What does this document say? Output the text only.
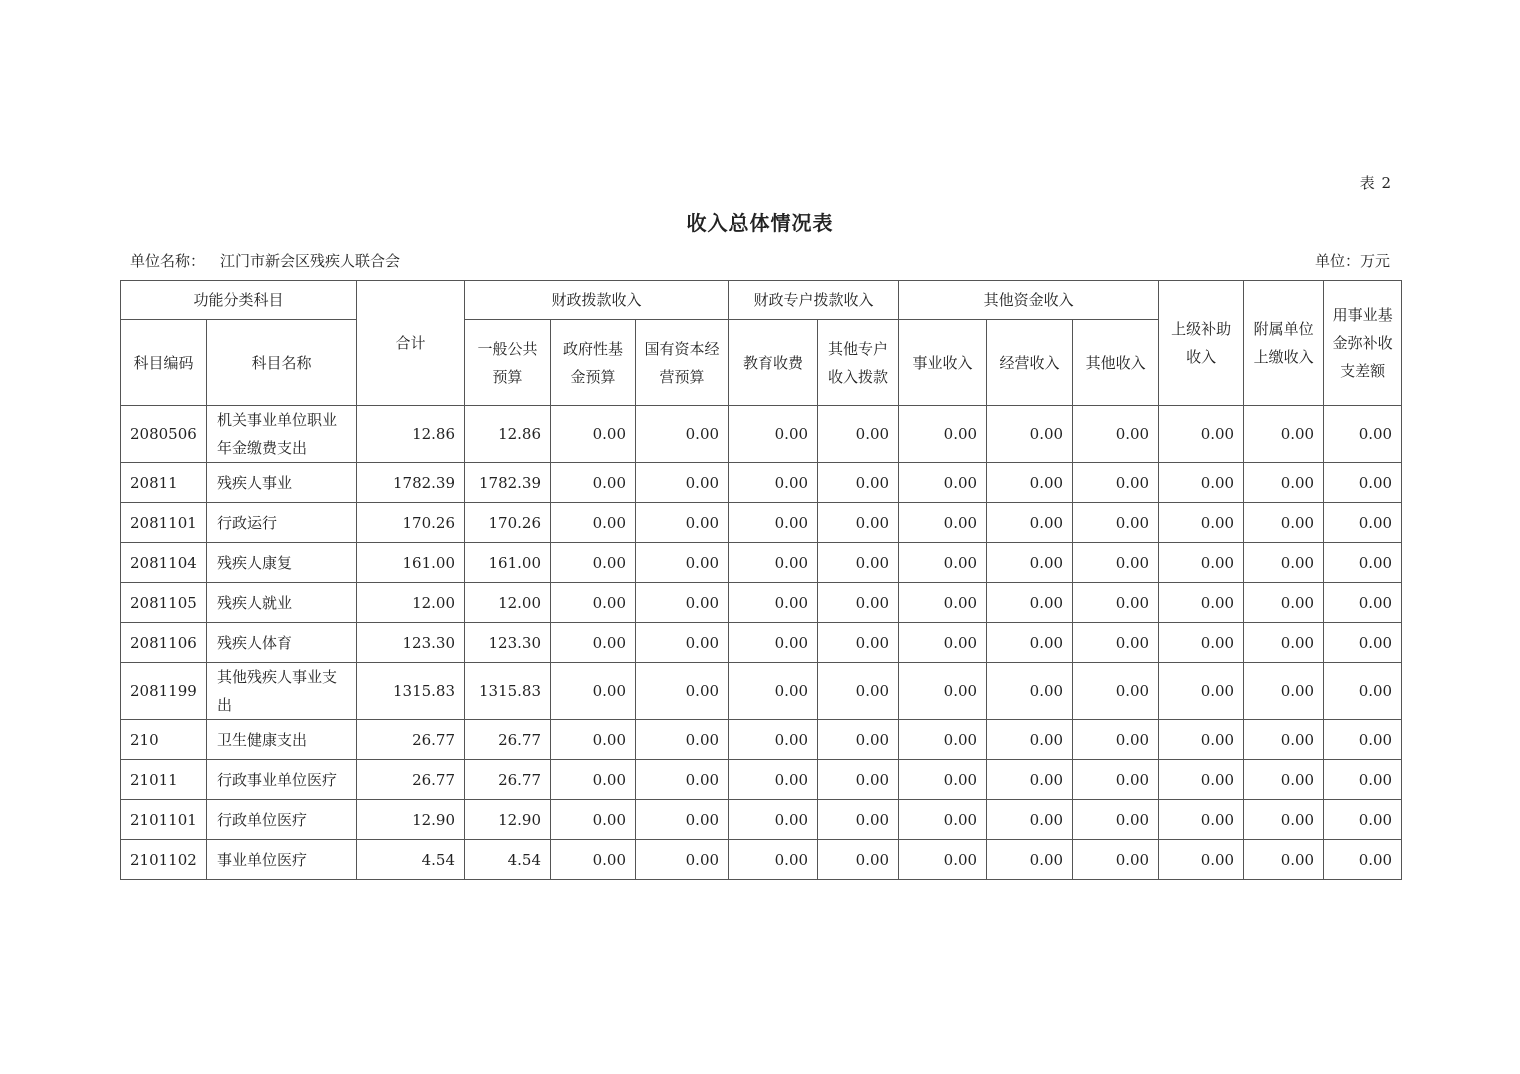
表 2
收入总体情况表
单位名称： 江门市新会区残疾人联合会	单位：万元
功能分类科目		合计	财政拨款收入			财政专户拨款收入		其他资金收入			上级补助收入	附属单位上缴收入	用事业基金弥补收支差额
科目编码	科目名称		一般公共预算	政府性基金预算	国有资本经营预算	教育收费	其他专户收入拨款	事业收入	经营收入	其他收入			
2080506	机关事业单位职业年金缴费支出	12.86	12.86	0.00	0.00	0.00	0.00	0.00	0.00	0.00	0.00	0.00	0.00
20811	残疾人事业	1782.39	1782.39	0.00	0.00	0.00	0.00	0.00	0.00	0.00	0.00	0.00	0.00
2081101	行政运行	170.26	170.26	0.00	0.00	0.00	0.00	0.00	0.00	0.00	0.00	0.00	0.00
2081104	残疾人康复	161.00	161.00	0.00	0.00	0.00	0.00	0.00	0.00	0.00	0.00	0.00	0.00
2081105	残疾人就业	12.00	12.00	0.00	0.00	0.00	0.00	0.00	0.00	0.00	0.00	0.00	0.00
2081106	残疾人体育	123.30	123.30	0.00	0.00	0.00	0.00	0.00	0.00	0.00	0.00	0.00	0.00
2081199	其他残疾人事业支出	1315.83	1315.83	0.00	0.00	0.00	0.00	0.00	0.00	0.00	0.00	0.00	0.00
210	卫生健康支出	26.77	26.77	0.00	0.00	0.00	0.00	0.00	0.00	0.00	0.00	0.00	0.00
21011	行政事业单位医疗	26.77	26.77	0.00	0.00	0.00	0.00	0.00	0.00	0.00	0.00	0.00	0.00
2101101	行政单位医疗	12.90	12.90	0.00	0.00	0.00	0.00	0.00	0.00	0.00	0.00	0.00	0.00
2101102	事业单位医疗	4.54	4.54	0.00	0.00	0.00	0.00	0.00	0.00	0.00	0.00	0.00	0.00
